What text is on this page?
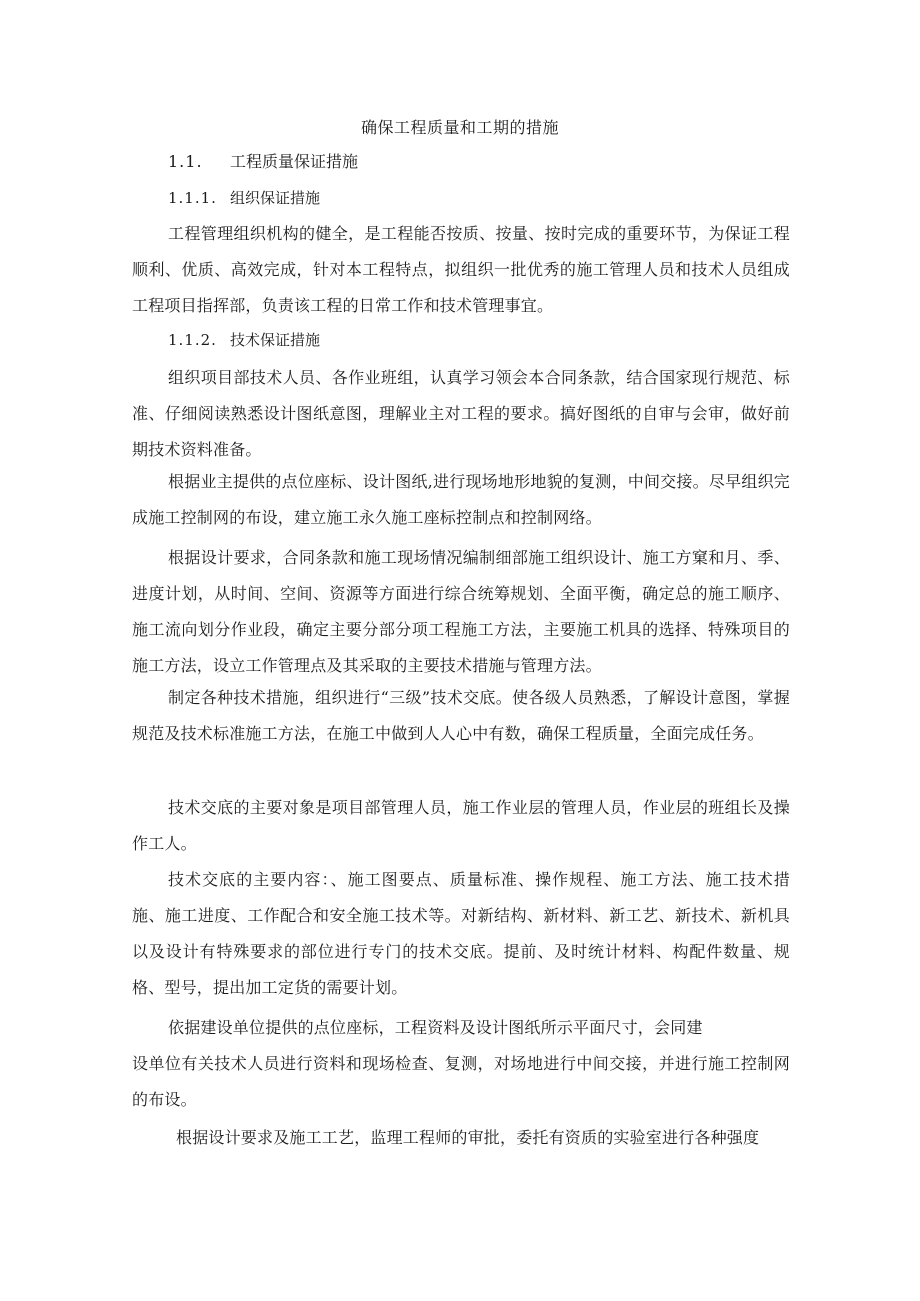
确保工程质量和工期的措施
1.1. 工程质量保证措施
1.1.1. 组织保证措施

工程管理组织机构的健全，是工程能否按质、按量、按时完成的重要环节，为保证工程顺利、优质、高效完成，针对本工程特点，拟组织一批优秀的施工管理人员和技术人员组成工程项目指挥部，负责该工程的日常工作和技术管理事宜。

1.1.2. 技术保证措施

组织项目部技术人员、各作业班组，认真学习领会本合同条款，结合国家现行规范、标准、仔细阅读熟悉设计图纸意图，理解业主对工程的要求。搞好图纸的自审与会审，做好前期技术资料准备。

根据业主提供的点位座标、设计图纸,进行现场地形地貌的复测，中间交接。尽早组织完成施工控制网的布设，建立施工永久施工座标控制点和控制网络。

根据设计要求，合同条款和施工现场情况编制细部施工组织设计、施工方窠和月、季、进度计划，从时间、空间、资源等方面进行综合统筹规划、全面平衡，确定总的施工顺序、施工流向划分作业段，确定主要分部分项工程施工方法，主要施工机具的选择、特殊项目的施工方法，设立工作管理点及其采取的主要技术措施与管理方法。

制定各种技术措施，组织进行“三级”技术交底。使各级人员熟悉，了解设计意图，掌握规范及技术标准施工方法，在施工中做到人人心中有数，确保工程质量，全面完成任务。

技术交底的主要对象是项目部管理人员，施工作业层的管理人员，作业层的班组长及操作工人。

技术交底的主要内容：、施工图要点、质量标准、操作规程、施工方法、施工技术措施、施工进度、工作配合和安全施工技术等。对新结构、新材料、新工艺、新技术、新机具以及设计有特殊要求的部位进行专门的技术交底。提前、及时统计材料、构配件数量、规格、型号，提出加工定货的需要计划。

依据建设单位提供的点位座标，工程资料及设计图纸所示平面尺寸，会同建

设单位有关技术人员进行资料和现场检查、复测，对场地进行中间交接，并进行施工控制网的布设。

根据设计要求及施工工艺，监理工程师的审批，委托有资质的实验室进行各种强度
